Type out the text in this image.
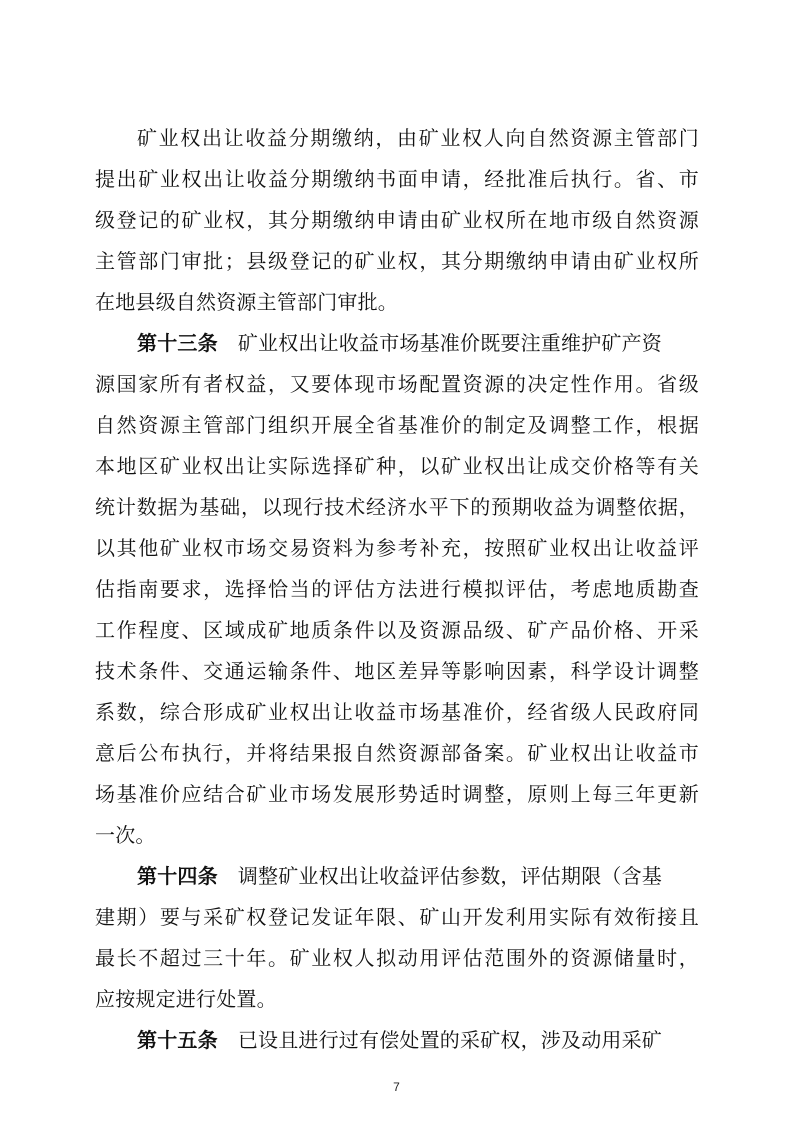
矿业权出让收益分期缴纳，由矿业权人向自然资源主管部门
提出矿业权出让收益分期缴纳书面申请，经批准后执行。省、市
级登记的矿业权，其分期缴纳申请由矿业权所在地市级自然资源
主管部门审批；县级登记的矿业权，其分期缴纳申请由矿业权所
在地县级自然资源主管部门审批。
第十三条 矿业权出让收益市场基准价既要注重维护矿产资
源国家所有者权益，又要体现市场配置资源的决定性作用。省级
自然资源主管部门组织开展全省基准价的制定及调整工作，根据
本地区矿业权出让实际选择矿种，以矿业权出让成交价格等有关
统计数据为基础，以现行技术经济水平下的预期收益为调整依据，
以其他矿业权市场交易资料为参考补充，按照矿业权出让收益评
估指南要求，选择恰当的评估方法进行模拟评估，考虑地质勘查
工作程度、区域成矿地质条件以及资源品级、矿产品价格、开采
技术条件、交通运输条件、地区差异等影响因素，科学设计调整
系数，综合形成矿业权出让收益市场基准价，经省级人民政府同
意后公布执行，并将结果报自然资源部备案。矿业权出让收益市
场基准价应结合矿业市场发展形势适时调整，原则上每三年更新
一次。
第十四条 调整矿业权出让收益评估参数，评估期限（含基
建期）要与采矿权登记发证年限、矿山开发利用实际有效衔接且
最长不超过三十年。矿业权人拟动用评估范围外的资源储量时，
应按规定进行处置。
第十五条 已设且进行过有偿处置的采矿权，涉及动用采矿
7
